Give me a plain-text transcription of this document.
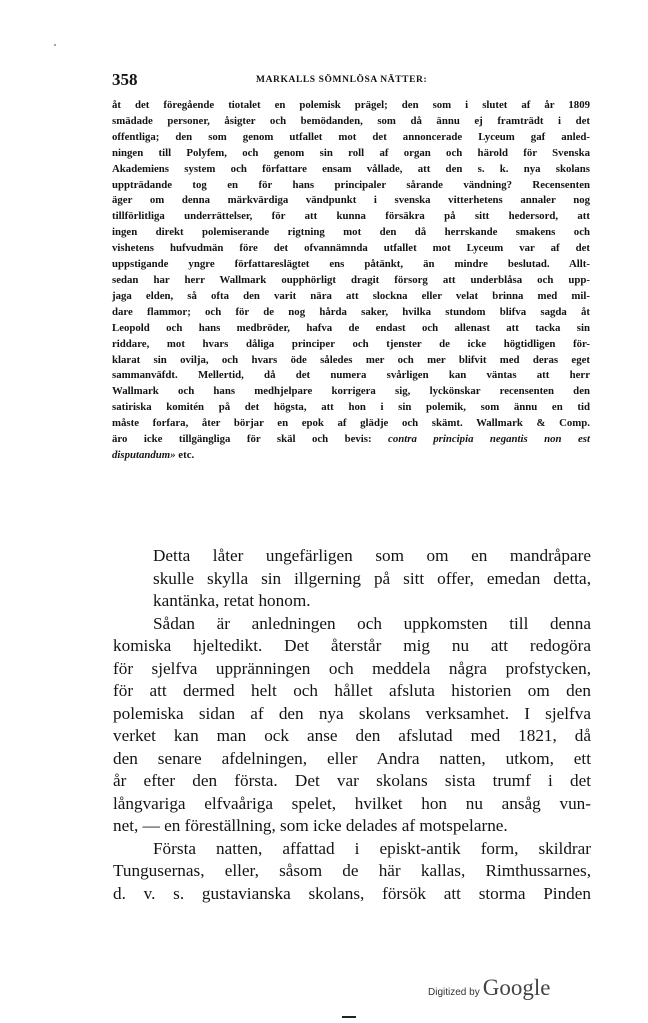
358	MARKALLS SÖMNLÖSA NÄTTER:
åt det föregående tiotalet en polemisk prägel; den som i slutet af år 1809
smädade personer, åsigter och bemödanden, som då ännu ej framträdt i det
offentliga; den som genom utfallet mot det annoncerade Lyceum gaf anled-
ningen till Polyfem, och genom sin roll af organ och härold för Svenska
Akademiens system och författare ensam vållade, att den s. k. nya skolans
uppträdande tog en för hans principaler sårande vändning? Recensenten
äger om denna märkvärdiga vändpunkt i svenska vitterhetens annaler nog
tillförlitliga underrättelser, för att kunna försäkra på sitt hedersord, att
ingen direkt polemiserande rigtning mot den då herrskande smakens och
vishetens hufvudmän före det ofvannämnda utfallet mot Lyceum var af det
uppstigande yngre författareslägtet ens påtänkt, än mindre beslutad. Allt-
sedan har herr Wallmark oupphörligt dragit försorg att underblåsa och upp-
jaga elden, så ofta den varit nära att slockna eller velat brinna med mil-
dare flammor; och för de nog hårda saker, hvilka stundom blifva sagda åt
Leopold och hans medbröder, hafva de endast och allenast att tacka sin
riddare, mot hvars dåliga principer och tjenster de icke högtidligen för-
klarat sin ovilja, och hvars öde således mer och mer blifvit med deras eget
sammanväfdt. Mellertid, då det numera svårligen kan väntas att herr
Wallmark och hans medhjelpare korrigera sig, lyckönskar recensenten den
satiriska komitén på det högsta, att hon i sin polemik, som ännu en tid
måste forfara, åter börjar en epok af glädje och skämt. Wallmark & Comp.
äro icke tillgängliga för skäl och bevis: contra principia negantis non est
disputandum» etc.

Detta låter ungefärligen som om en mandråpare
skulle skylla sin illgerning på sitt offer, emedan detta,
kantänka, retat honom.

Sådan är anledningen och uppkomsten till denna
komiska hjeltedikt. Det återstår mig nu att redogöra
för sjelfva uppränningen och meddela några profstycken,
för att dermed helt och hållet afsluta historien om den
polemiska sidan af den nya skolans verksamhet. I sjelfva
verket kan man ock anse den afslutad med 1821, då
den senare afdelningen, eller Andra natten, utkom, ett
år efter den första. Det var skolans sista trumf i det
långvariga elfvaåriga spelet, hvilket hon nu ansåg vun-
net, — en föreställning, som icke delades af motspelarne.

Första natten, affattad i episkt-antik form, skildrar
Tungusernas, eller, såsom de här kallas, Rimthussarnes,
d. v. s. gustavianska skolans, försök att storma Pinden

Digitized by Google
